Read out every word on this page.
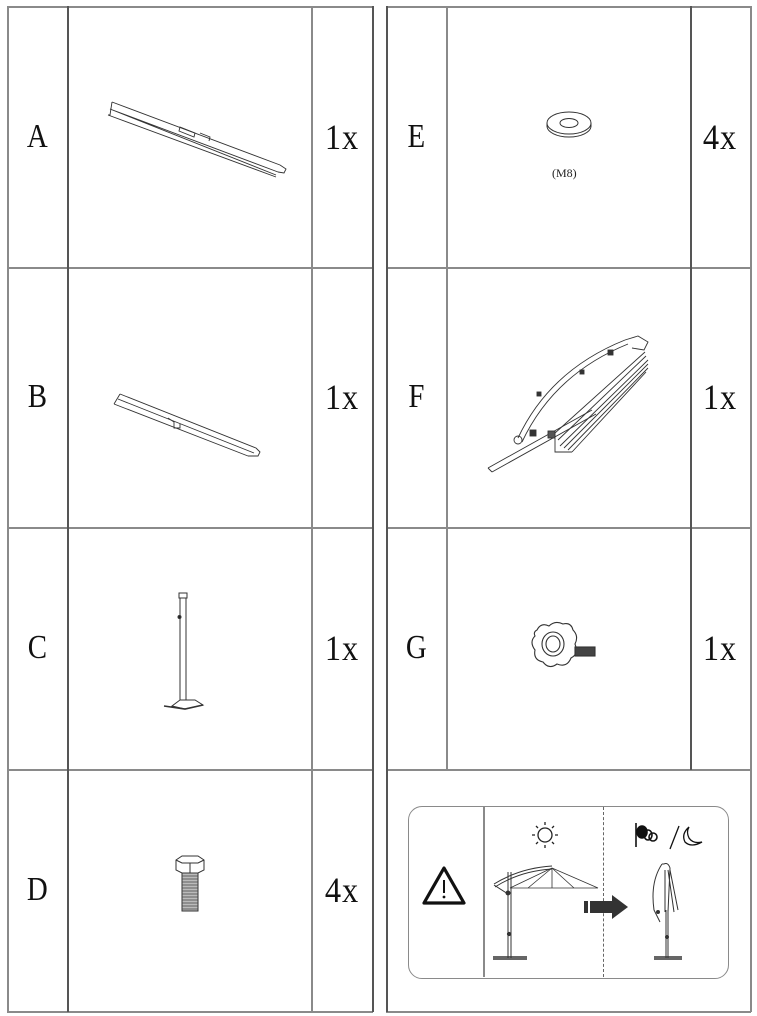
A	1x
B	1x
C	1x
D	4x
E	4x
(M8)
F	1x
G	1x
